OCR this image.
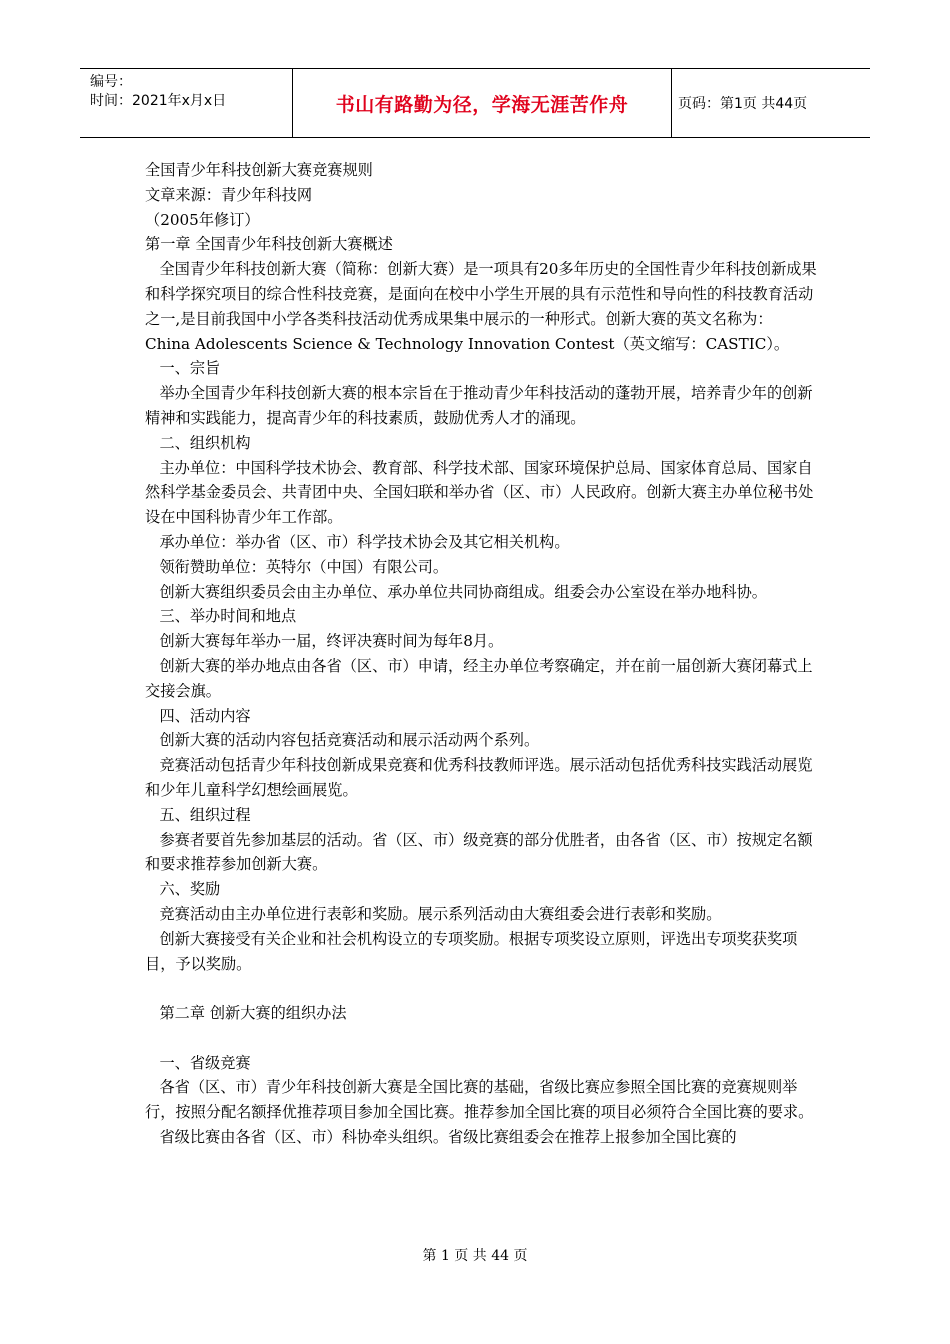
编号：
时间：2021年x月x日	书山有路勤为径，学海无涯苦作舟	页码：第1页 共44页

全国青少年科技创新大赛竞赛规则

文章来源：青少年科技网

（2005年修订）

第一章 全国青少年科技创新大赛概述

全国青少年科技创新大赛（简称：创新大赛）是一项具有20多年历史的全国性青少年科技创新成果和科学探究项目的综合性科技竞赛，是面向在校中小学生开展的具有示范性和导向性的科技教育活动之一,是目前我国中小学各类科技活动优秀成果集中展示的一种形式。创新大赛的英文名称为：China Adolescents Science & Technology Innovation Contest（英文缩写：CASTIC）。

一、宗旨

举办全国青少年科技创新大赛的根本宗旨在于推动青少年科技活动的蓬勃开展，培养青少年的创新精神和实践能力，提高青少年的科技素质，鼓励优秀人才的涌现。

二、组织机构

主办单位：中国科学技术协会、教育部、科学技术部、国家环境保护总局、国家体育总局、国家自然科学基金委员会、共青团中央、全国妇联和举办省（区、市）人民政府。创新大赛主办单位秘书处设在中国科协青少年工作部。

承办单位：举办省（区、市）科学技术协会及其它相关机构。

领衔赞助单位：英特尔（中国）有限公司。

创新大赛组织委员会由主办单位、承办单位共同协商组成。组委会办公室设在举办地科协。

三、举办时间和地点

创新大赛每年举办一届，终评决赛时间为每年8月。

创新大赛的举办地点由各省（区、市）申请，经主办单位考察确定，并在前一届创新大赛闭幕式上交接会旗。

四、活动内容

创新大赛的活动内容包括竞赛活动和展示活动两个系列。

竞赛活动包括青少年科技创新成果竞赛和优秀科技教师评选。展示活动包括优秀科技实践活动展览和少年儿童科学幻想绘画展览。

五、组织过程

参赛者要首先参加基层的活动。省（区、市）级竞赛的部分优胜者，由各省（区、市）按规定名额和要求推荐参加创新大赛。

六、奖励

竞赛活动由主办单位进行表彰和奖励。展示系列活动由大赛组委会进行表彰和奖励。

创新大赛接受有关企业和社会机构设立的专项奖励。根据专项奖设立原则，评选出专项奖获奖项目，予以奖励。

第二章 创新大赛的组织办法

一、省级竞赛

各省（区、市）青少年科技创新大赛是全国比赛的基础，省级比赛应参照全国比赛的竞赛规则举行，按照分配名额择优推荐项目参加全国比赛。推荐参加全国比赛的项目必须符合全国比赛的要求。

省级比赛由各省（区、市）科协牵头组织。省级比赛组委会在推荐上报参加全国比赛的

第 1 页 共 44 页
